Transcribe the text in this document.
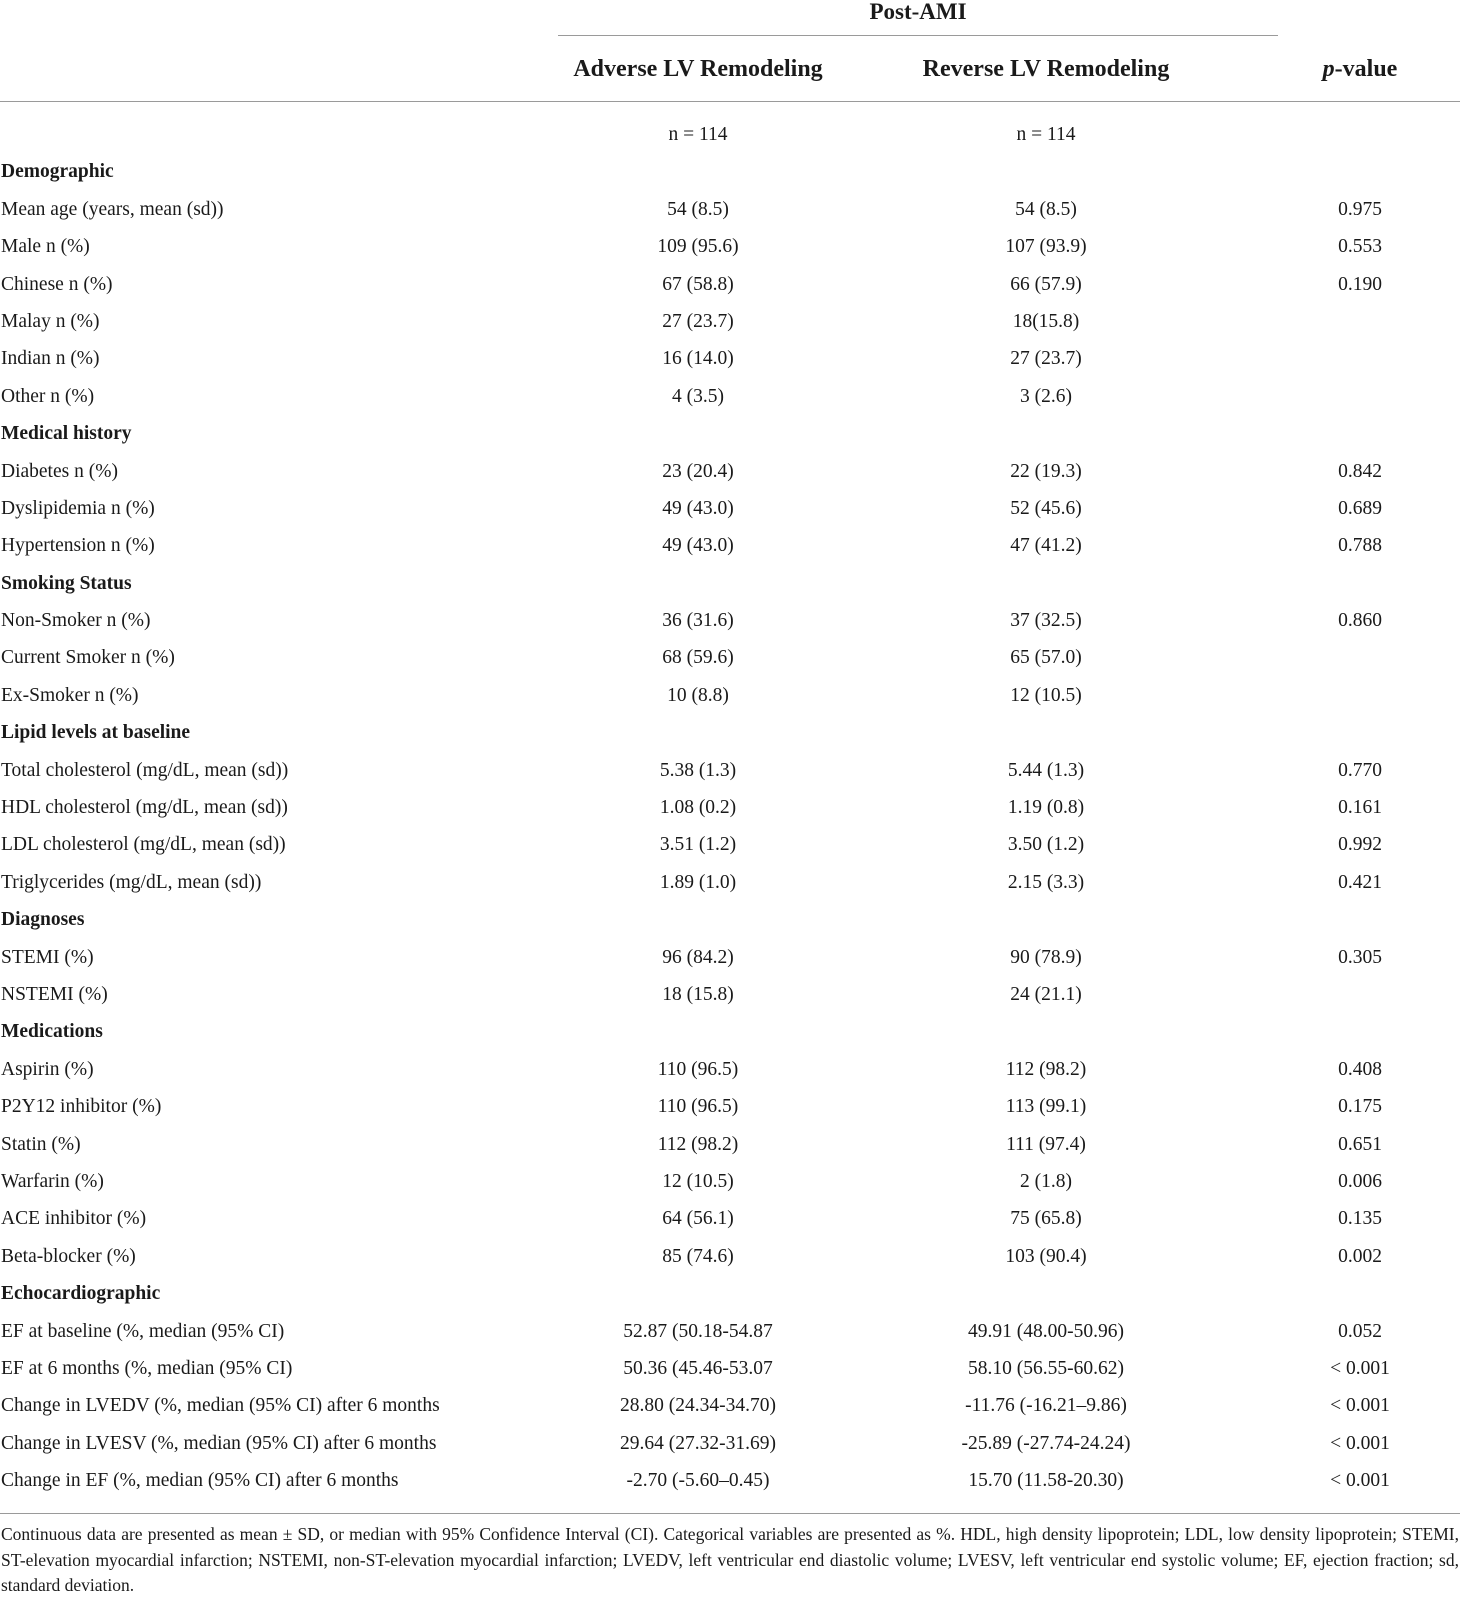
Post-AMI
Adverse LV Remodeling	Reverse LV Remodeling	p-value
n = 114	n = 114
Demographic
Mean age (years, mean (sd))	54 (8.5)	54 (8.5)	0.975
Male n (%)	109 (95.6)	107 (93.9)	0.553
Chinese n (%)	67 (58.8)	66 (57.9)	0.190
Malay n (%)	27 (23.7)	18(15.8)
Indian n (%)	16 (14.0)	27 (23.7)
Other n (%)	4 (3.5)	3 (2.6)
Medical history
Diabetes n (%)	23 (20.4)	22 (19.3)	0.842
Dyslipidemia n (%)	49 (43.0)	52 (45.6)	0.689
Hypertension n (%)	49 (43.0)	47 (41.2)	0.788
Smoking Status
Non-Smoker n (%)	36 (31.6)	37 (32.5)	0.860
Current Smoker n (%)	68 (59.6)	65 (57.0)
Ex-Smoker n (%)	10 (8.8)	12 (10.5)
Lipid levels at baseline
Total cholesterol (mg/dL, mean (sd))	5.38 (1.3)	5.44 (1.3)	0.770
HDL cholesterol (mg/dL, mean (sd))	1.08 (0.2)	1.19 (0.8)	0.161
LDL cholesterol (mg/dL, mean (sd))	3.51 (1.2)	3.50 (1.2)	0.992
Triglycerides (mg/dL, mean (sd))	1.89 (1.0)	2.15 (3.3)	0.421
Diagnoses
STEMI (%)	96 (84.2)	90 (78.9)	0.305
NSTEMI (%)	18 (15.8)	24 (21.1)
Medications
Aspirin (%)	110 (96.5)	112 (98.2)	0.408
P2Y12 inhibitor (%)	110 (96.5)	113 (99.1)	0.175
Statin (%)	112 (98.2)	111 (97.4)	0.651
Warfarin (%)	12 (10.5)	2 (1.8)	0.006
ACE inhibitor (%)	64 (56.1)	75 (65.8)	0.135
Beta-blocker (%)	85 (74.6)	103 (90.4)	0.002
Echocardiographic
EF at baseline (%, median (95% CI)	52.87 (50.18-54.87	49.91 (48.00-50.96)	0.052
EF at 6 months (%, median (95% CI)	50.36 (45.46-53.07	58.10 (56.55-60.62)	< 0.001
Change in LVEDV (%, median (95% CI) after 6 months	28.80 (24.34-34.70)	-11.76 (-16.21–9.86)	< 0.001
Change in LVESV (%, median (95% CI) after 6 months	29.64 (27.32-31.69)	-25.89 (-27.74-24.24)	< 0.001
Change in EF (%, median (95% CI) after 6 months	-2.70 (-5.60–0.45)	15.70 (11.58-20.30)	< 0.001
Continuous data are presented as mean ± SD, or median with 95% Confidence Interval (CI). Categorical variables are presented as %. HDL, high density lipoprotein; LDL, low density lipoprotein; STEMI, ST-elevation myocardial infarction; NSTEMI, non-ST-elevation myocardial infarction; LVEDV, left ventricular end diastolic volume; LVESV, left ventricular end systolic volume; EF, ejection fraction; sd, standard deviation.
